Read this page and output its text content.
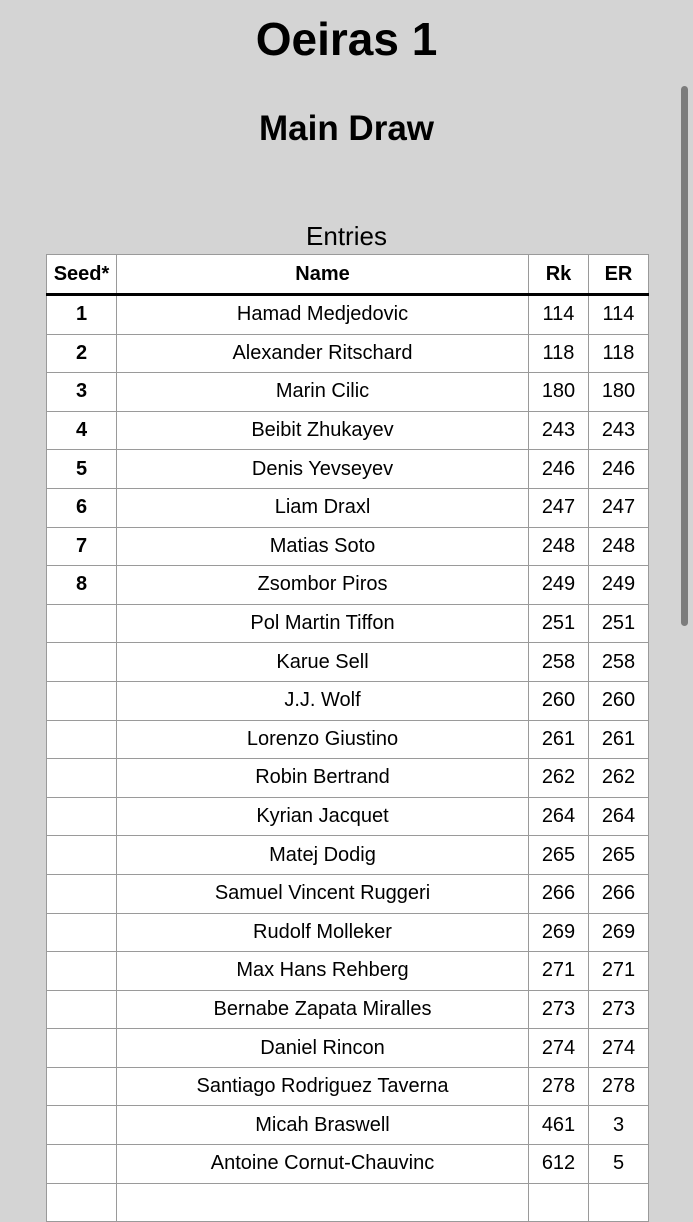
Oeiras 1
Main Draw
Entries
Seed*	Name	Rk	ER
1	Hamad Medjedovic	114	114
2	Alexander Ritschard	118	118
3	Marin Cilic	180	180
4	Beibit Zhukayev	243	243
5	Denis Yevseyev	246	246
6	Liam Draxl	247	247
7	Matias Soto	248	248
8	Zsombor Piros	249	249
	Pol Martin Tiffon	251	251
	Karue Sell	258	258
	J.J. Wolf	260	260
	Lorenzo Giustino	261	261
	Robin Bertrand	262	262
	Kyrian Jacquet	264	264
	Matej Dodig	265	265
	Samuel Vincent Ruggeri	266	266
	Rudolf Molleker	269	269
	Max Hans Rehberg	271	271
	Bernabe Zapata Miralles	273	273
	Daniel Rincon	274	274
	Santiago Rodriguez Taverna	278	278
	Micah Braswell	461	3
	Antoine Cornut-Chauvinc	612	5
